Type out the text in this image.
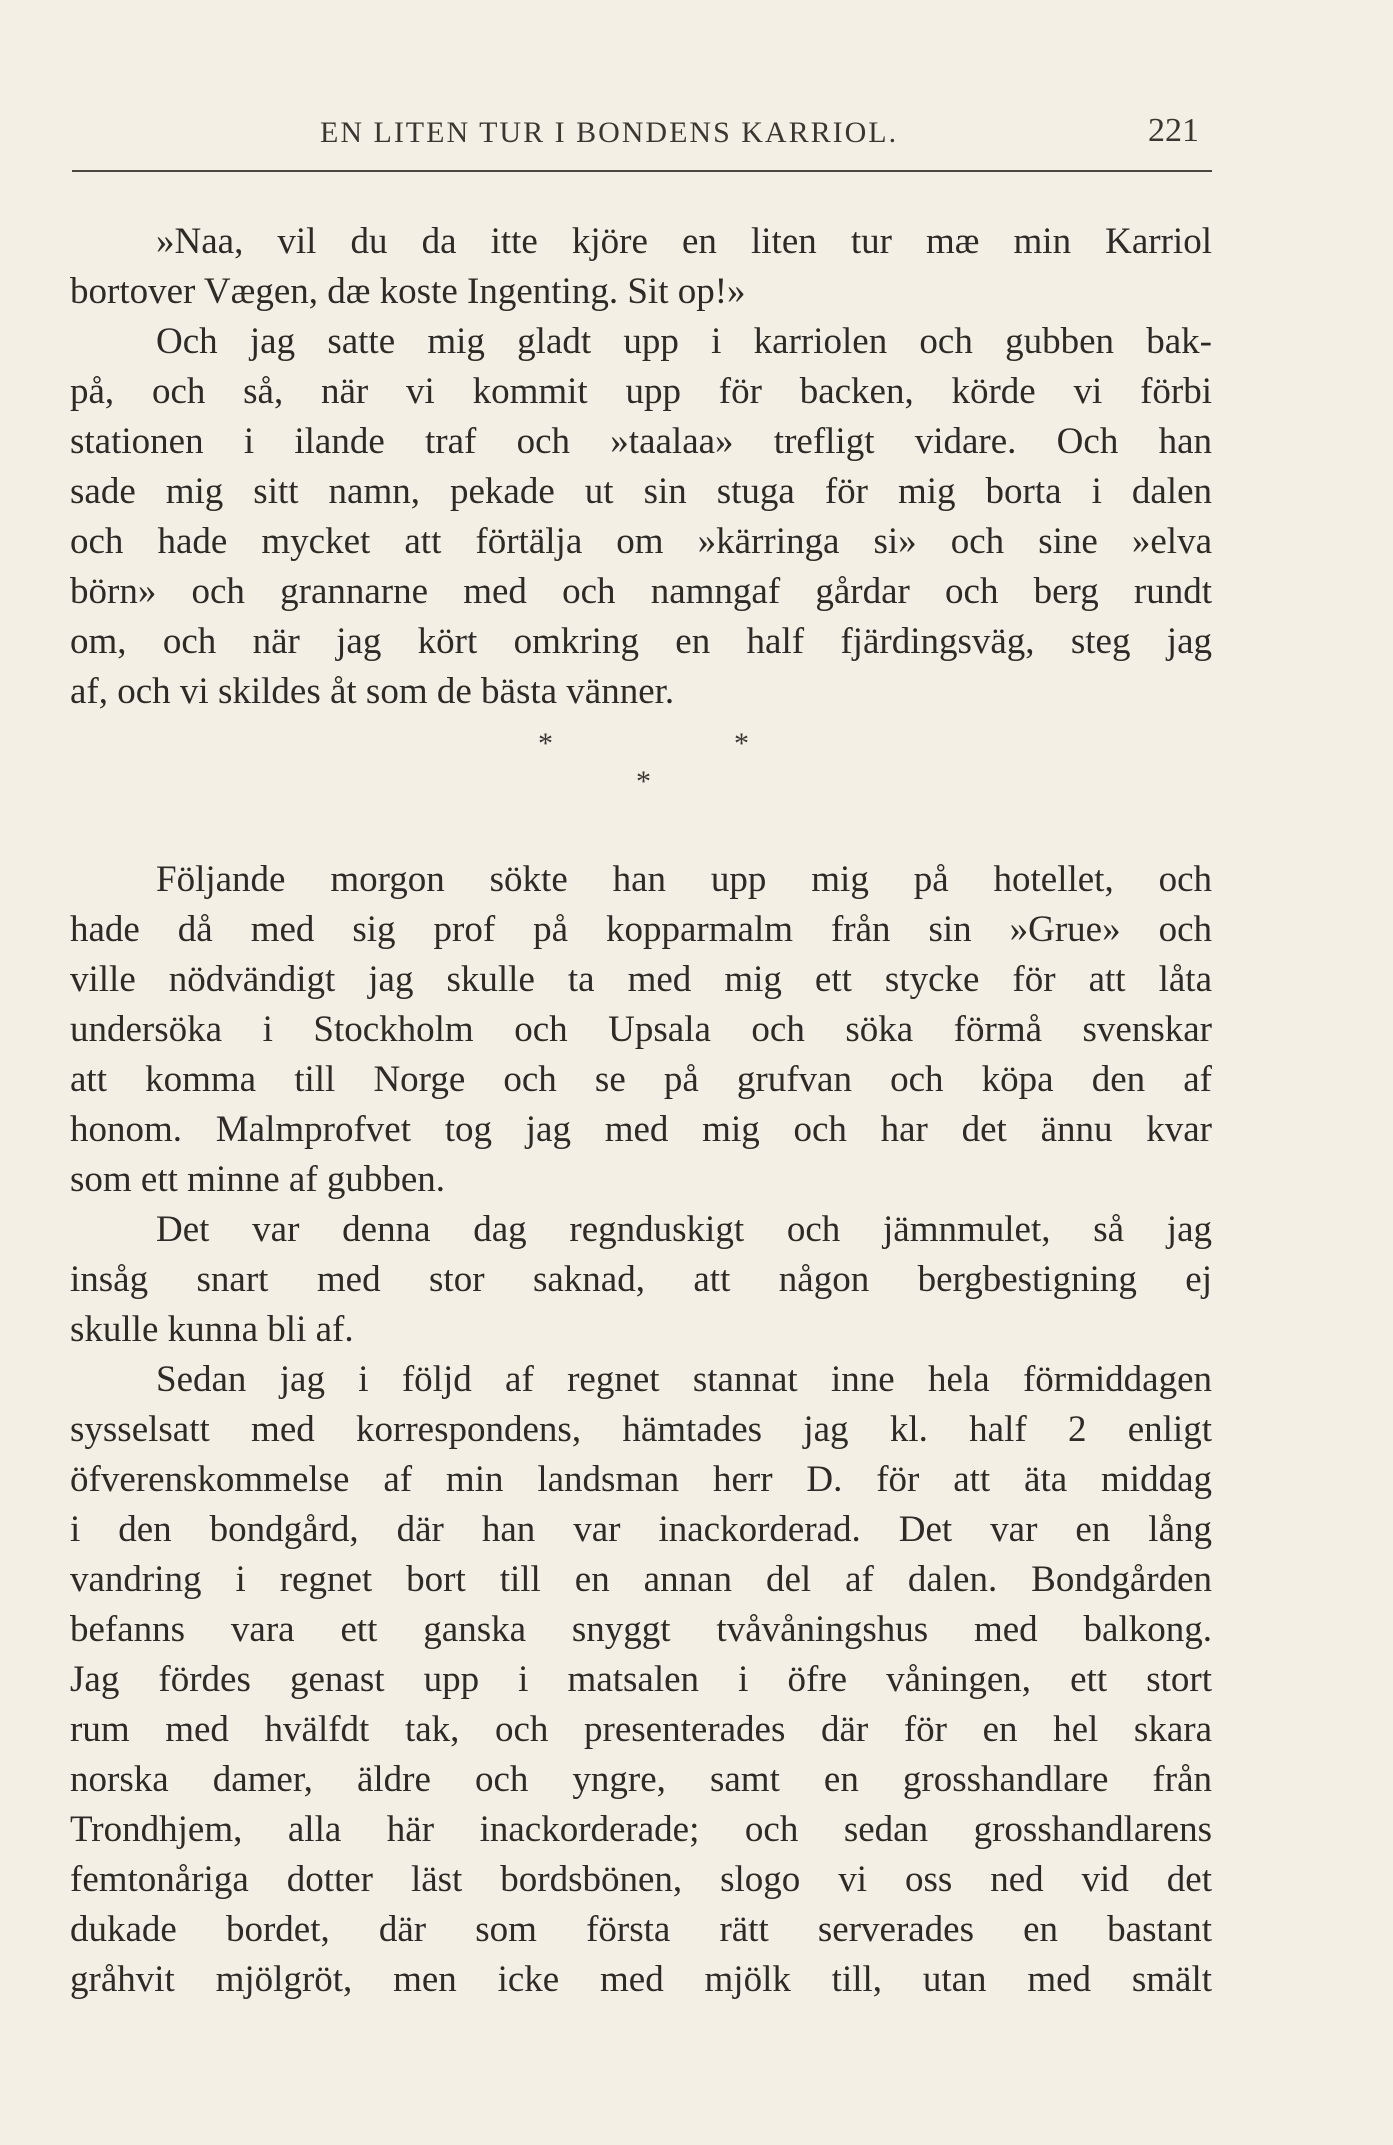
EN LITEN TUR I BONDENS KARRIOL.	221
»Naa, vil du da itte kjöre en liten tur mæ min Karriol
bortover Vægen, dæ koste Ingenting. Sit op!»
Och jag satte mig gladt upp i karriolen och gubben bak-
på, och så, när vi kommit upp för backen, körde vi förbi
stationen i ilande traf och »taalaa» trefligt vidare. Och han
sade mig sitt namn, pekade ut sin stuga för mig borta i dalen
och hade mycket att förtälja om »kärringa si» och sine »elva
börn» och grannarne med och namngaf gårdar och berg rundt
om, och när jag kört omkring en half fjärdingsväg, steg jag
af, och vi skildes åt som de bästa vänner.
*	*
*
Följande morgon sökte han upp mig på hotellet, och
hade då med sig prof på kopparmalm från sin »Grue» och
ville nödvändigt jag skulle ta med mig ett stycke för att låta
undersöka i Stockholm och Upsala och söka förmå svenskar
att komma till Norge och se på grufvan och köpa den af
honom. Malmprofvet tog jag med mig och har det ännu kvar
som ett minne af gubben.
Det var denna dag regnduskigt och jämnmulet, så jag
insåg snart med stor saknad, att någon bergbestigning ej
skulle kunna bli af.
Sedan jag i följd af regnet stannat inne hela förmiddagen
sysselsatt med korrespondens, hämtades jag kl. half 2 enligt
öfverenskommelse af min landsman herr D. för att äta middag
i den bondgård, där han var inackorderad. Det var en lång
vandring i regnet bort till en annan del af dalen. Bondgården
befanns vara ett ganska snyggt tvåvåningshus med balkong.
Jag fördes genast upp i matsalen i öfre våningen, ett stort
rum med hvälfdt tak, och presenterades där för en hel skara
norska damer, äldre och yngre, samt en grosshandlare från
Trondhjem, alla här inackorderade; och sedan grosshandlarens
femtonåriga dotter läst bordsbönen, slogo vi oss ned vid det
dukade bordet, där som första rätt serverades en bastant
gråhvit mjölgröt, men icke med mjölk till, utan med smält
